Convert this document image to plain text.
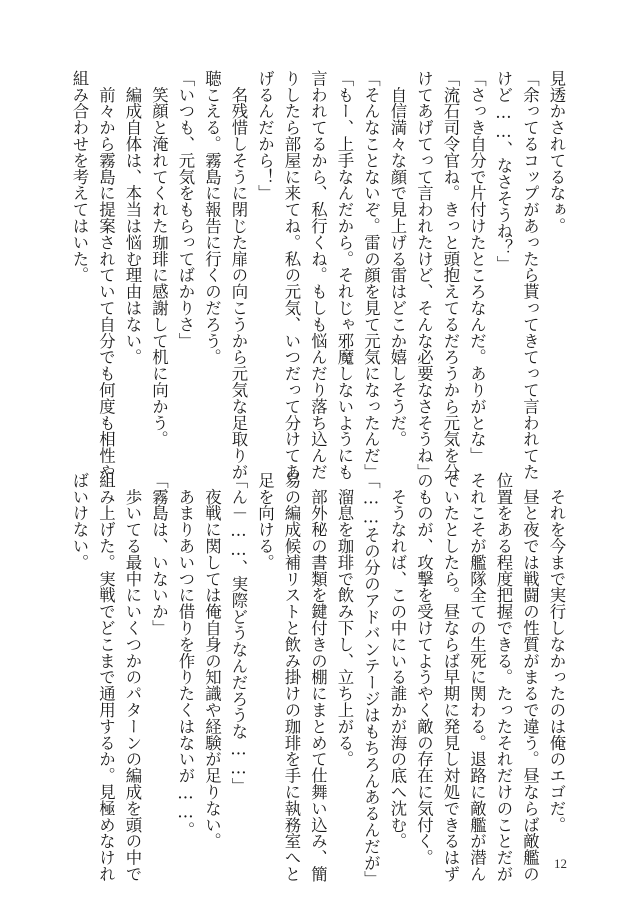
見透かされてるなぁ。
「余ってるコップがあったら貰ってきてって言われてた
けど……、なさそうね？」
「さっき自分で片付けたところなんだ。ありがとな」
「流石司令官ね。きっと頭抱えてるだろうから元気を分
けてあげてって言われたけど、そんな必要なさそうね」
　自信満々な顔で見上げる雷はどこか嬉しそうだ。
「そんなことないぞ。雷の顔を見て元気になったんだ」
「もー、上手なんだから。それじゃ邪魔しないようにも
言われてるから、私行くね。もしも悩んだり落ち込んだ
りしたら部屋に来てね。私の元気、いつだって分けてあ
げるんだから！」
　名残惜しそうに閉じた扉の向こうから元気な足取りが
聴こえる。霧島に報告に行くのだろう。
「いつも、元気をもらってばかりさ」
　笑顔と淹れてくれた珈琲に感謝して机に向かう。
　編成自体は、本当は悩む理由はない。
　前々から霧島に提案されていて自分でも何度も相性や
組み合わせを考えてはいた。
　それを今まで実行しなかったのは俺のエゴだ。
　昼と夜では戦闘の性質がまるで違う。昼ならば敵艦の
位置をある程度把握できる。たったそれだけのことだが
それこそが艦隊全ての生死に関わる。退路に敵艦が潜ん
でいたとしたら。昼ならば早期に発見し対処できるはず
のものが、攻撃を受けてようやく敵の存在に気付く。
　そうなれば、この中にいる誰かが海の底へ沈む。
「……その分のアドバンテージはもちろんあるんだが」
　溜息を珈琲で飲み下し、立ち上がる。
　部外秘の書類を鍵付きの棚にまとめて仕舞い込み、簡
易の編成候補リストと飲み掛けの珈琲を手に執務室へと
足を向ける。
「ん－……、実際どうなんだろうな……」
　夜戦に関しては俺自身の知識や経験が足りない。
　あまりあいつに借りを作りたくはないが……。
「霧島は、いないか」
　歩いてる最中にいくつかのパターンの編成を頭の中で
組み上げた。実戦でどこまで通用するか。見極めなけれ
ばいけない。
12
